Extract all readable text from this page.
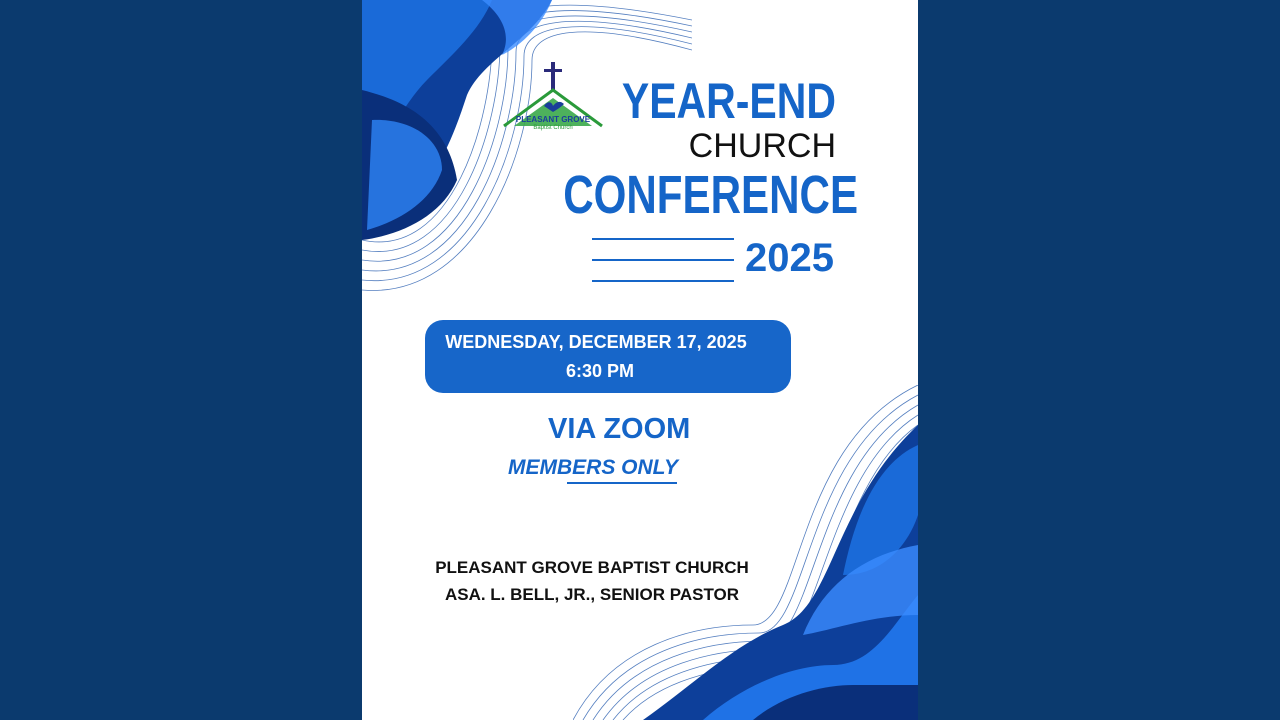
PLEASANT GROVE
Baptist Church YEAR-END
CHURCH
CONFERENCE
2025
WEDNESDAY, DECEMBER 17, 2025
6:30 PM
VIA ZOOM
MEMBERS ONLY
PLEASANT GROVE BAPTIST CHURCH
ASA. L. BELL, JR., SENIOR PASTOR
